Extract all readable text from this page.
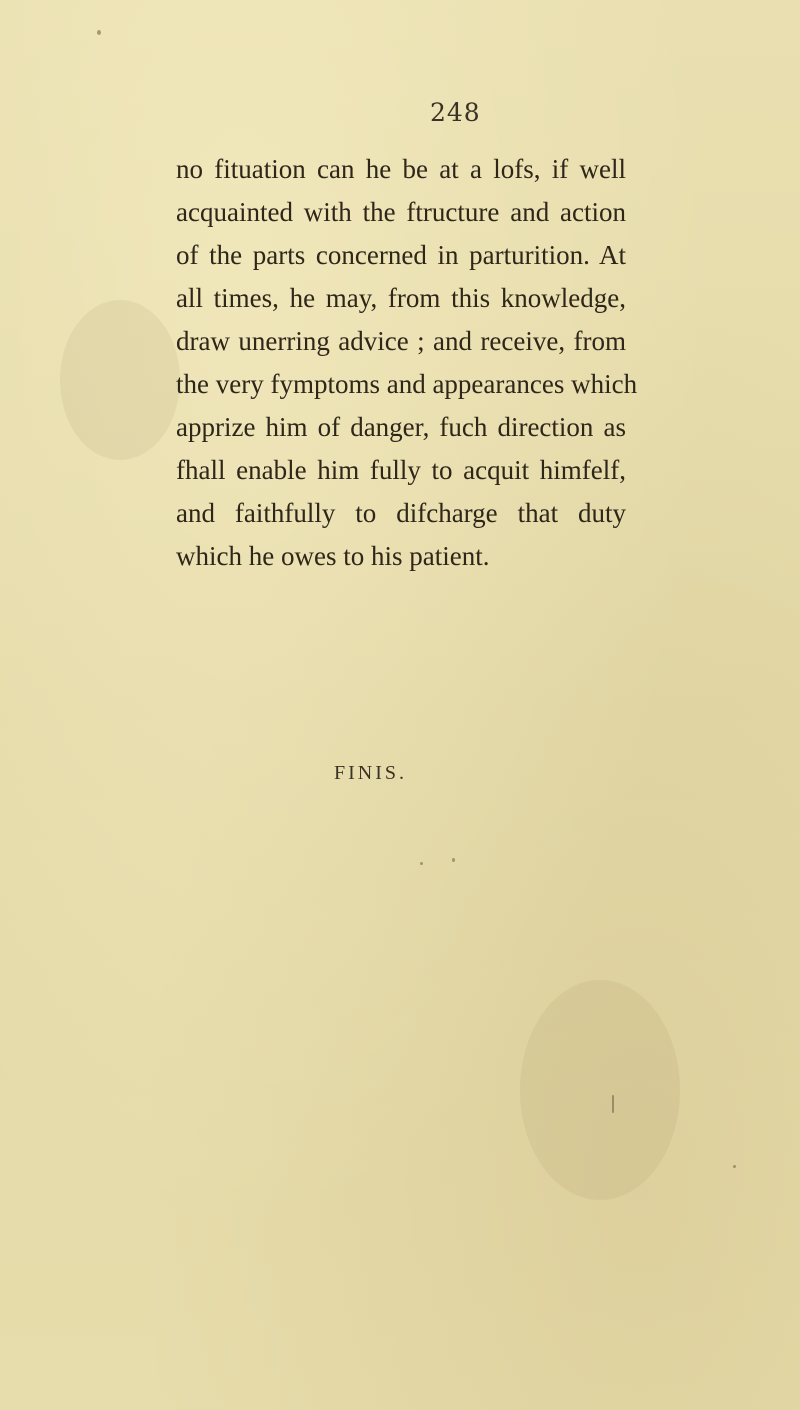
248
no fituation can he be at a lofs, if well
acquainted with the ftructure and action
of the parts concerned in parturition. At
all times, he may, from this knowledge,
draw unerring advice ; and receive, from
the very fymptoms and appearances which
apprize him of danger, fuch direction as
fhall enable him fully to acquit himfelf,
and faithfully to difcharge that duty
which he owes to his patient.
FINIS.
